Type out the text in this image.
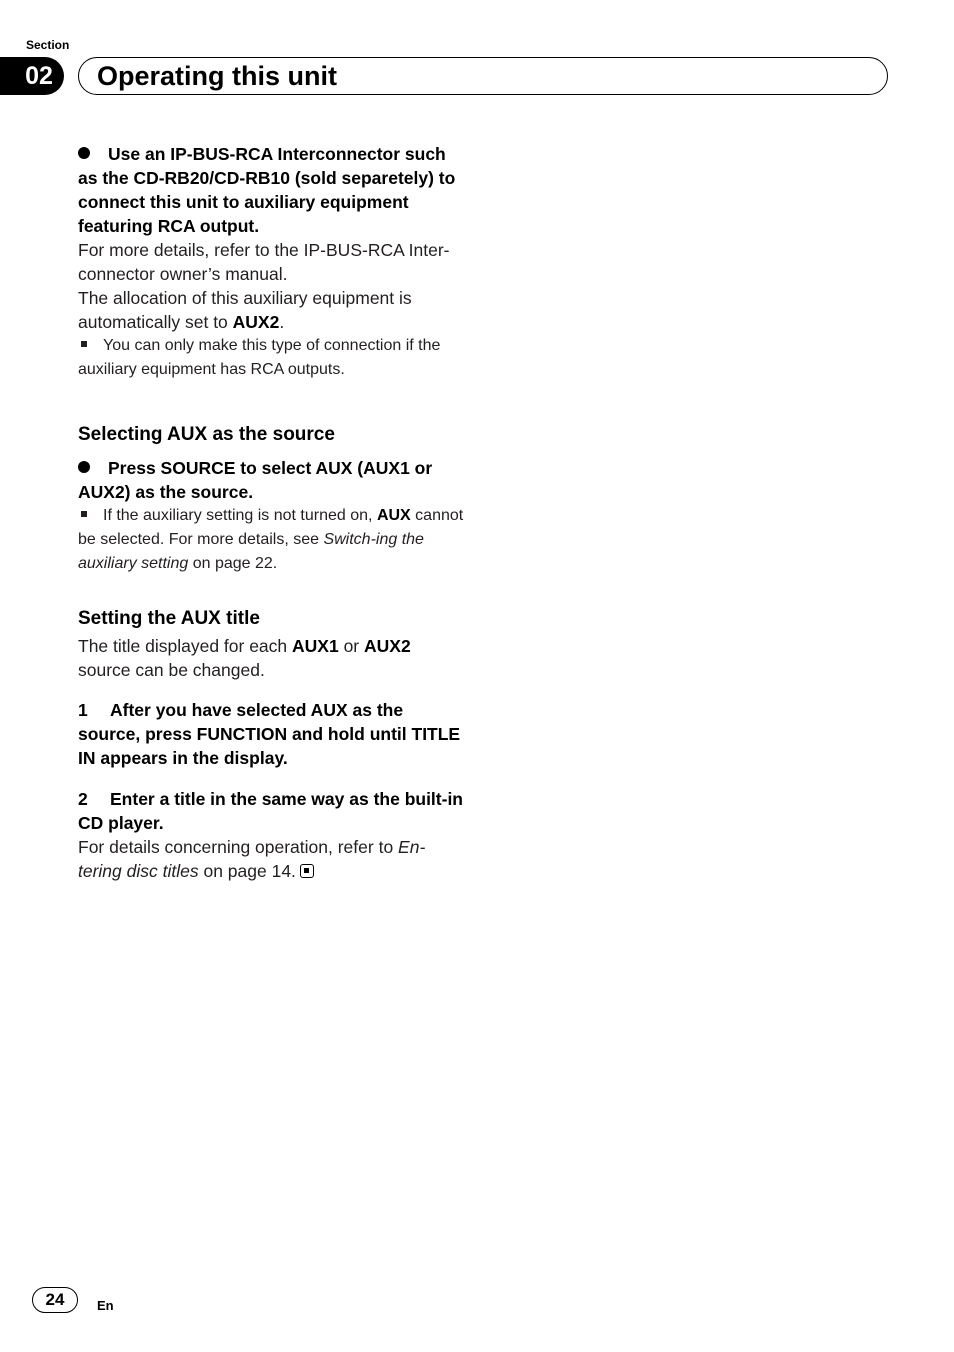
Section
02	Operating this unit

Use an IP-BUS-RCA Interconnector such as the CD-RB20/CD-RB10 (sold separetely) to connect this unit to auxiliary equipment featuring RCA output.

For more details, refer to the IP-BUS-RCA Inter-connector owner’s manual.

The allocation of this auxiliary equipment is automatically set to AUX2.

You can only make this type of connection if the auxiliary equipment has RCA outputs.

Selecting AUX as the source

Press SOURCE to select AUX (AUX1 or AUX2) as the source.

If the auxiliary setting is not turned on, AUX cannot be selected. For more details, see Switch-ing the auxiliary setting on page 22.

Setting the AUX title

The title displayed for each AUX1 or AUX2 source can be changed.

1 After you have selected AUX as the source, press FUNCTION and hold until TITLE IN appears in the display.

2 Enter a title in the same way as the built-in CD player.

For details concerning operation, refer to En-tering disc titles on page 14.

24	En
